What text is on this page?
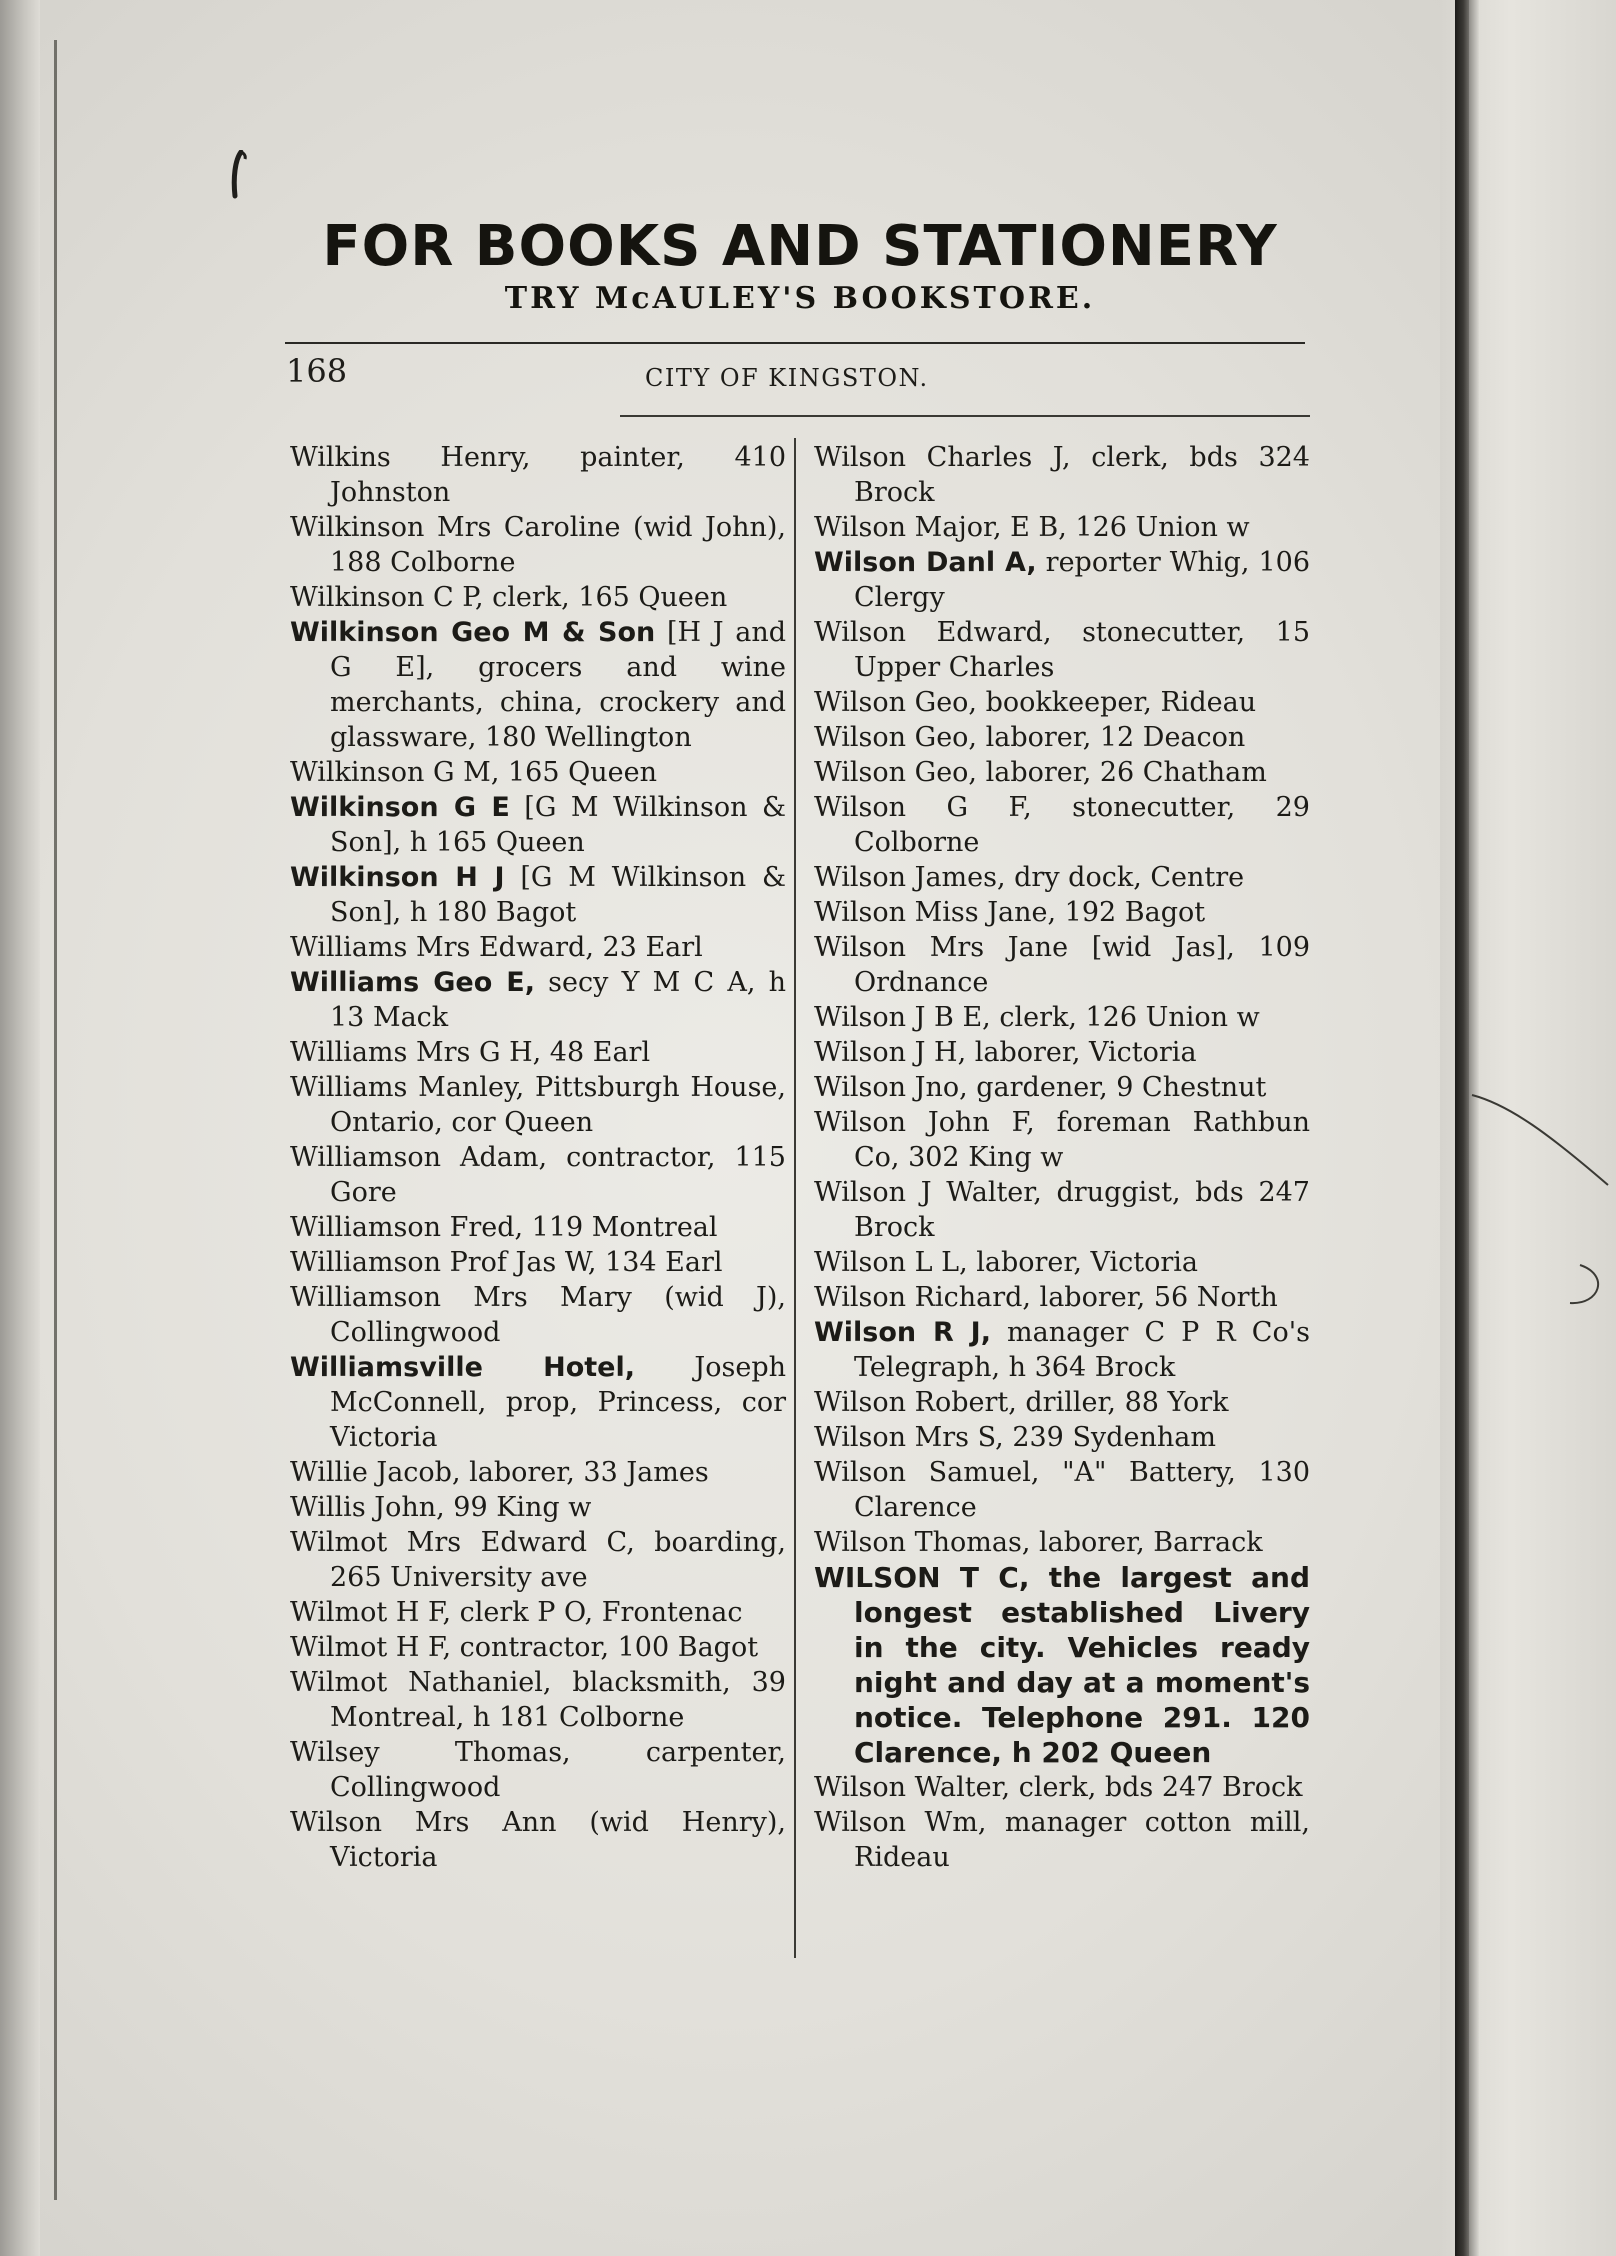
FOR BOOKS AND STATIONERY
TRY McAULEY'S BOOKSTORE.
168	CITY OF KINGSTON.

Wilkins Henry, painter, 410 Johnston

Wilkinson Mrs Caroline (wid John), 188 Colborne

Wilkinson C P, clerk, 165 Queen

Wilkinson Geo M & Son [H J and G E], grocers and wine merchants, china, crockery and glassware, 180 Wellington

Wilkinson G M, 165 Queen

Wilkinson G E [G M Wilkinson & Son], h 165 Queen

Wilkinson H J [G M Wilkinson & Son], h 180 Bagot

Williams Mrs Edward, 23 Earl

Williams Geo E, secy Y M C A, h 13 Mack

Williams Mrs G H, 48 Earl

Williams Manley, Pittsburgh House, Ontario, cor Queen

Williamson Adam, contractor, 115 Gore

Williamson Fred, 119 Montreal

Williamson Prof Jas W, 134 Earl

Williamson Mrs Mary (wid J), Collingwood

Williamsville Hotel, Joseph McConnell, prop, Princess, cor Victoria

Willie Jacob, laborer, 33 James

Willis John, 99 King w

Wilmot Mrs Edward C, boarding, 265 University ave

Wilmot H F, clerk P O, Frontenac

Wilmot H F, contractor, 100 Bagot

Wilmot Nathaniel, blacksmith, 39 Montreal, h 181 Colborne

Wilsey Thomas, carpenter, Collingwood

Wilson Mrs Ann (wid Henry), Victoria

Wilson Charles J, clerk, bds 324 Brock

Wilson Major, E B, 126 Union w

Wilson Danl A, reporter Whig, 106 Clergy

Wilson Edward, stonecutter, 15 Upper Charles

Wilson Geo, bookkeeper, Rideau

Wilson Geo, laborer, 12 Deacon

Wilson Geo, laborer, 26 Chatham

Wilson G F, stonecutter, 29 Colborne

Wilson James, dry dock, Centre

Wilson Miss Jane, 192 Bagot

Wilson Mrs Jane [wid Jas], 109 Ordnance

Wilson J B E, clerk, 126 Union w

Wilson J H, laborer, Victoria

Wilson Jno, gardener, 9 Chestnut

Wilson John F, foreman Rathbun Co, 302 King w

Wilson J Walter, druggist, bds 247 Brock

Wilson L L, laborer, Victoria

Wilson Richard, laborer, 56 North

Wilson R J, manager C P R Co's Telegraph, h 364 Brock

Wilson Robert, driller, 88 York

Wilson Mrs S, 239 Sydenham

Wilson Samuel, "A" Battery, 130 Clarence

Wilson Thomas, laborer, Barrack

WILSON T C, the largest and longest established Livery in the city. Vehicles ready night and day at a moment's notice. Telephone 291. 120 Clarence, h 202 Queen

Wilson Walter, clerk, bds 247 Brock

Wilson Wm, manager cotton mill, Rideau
